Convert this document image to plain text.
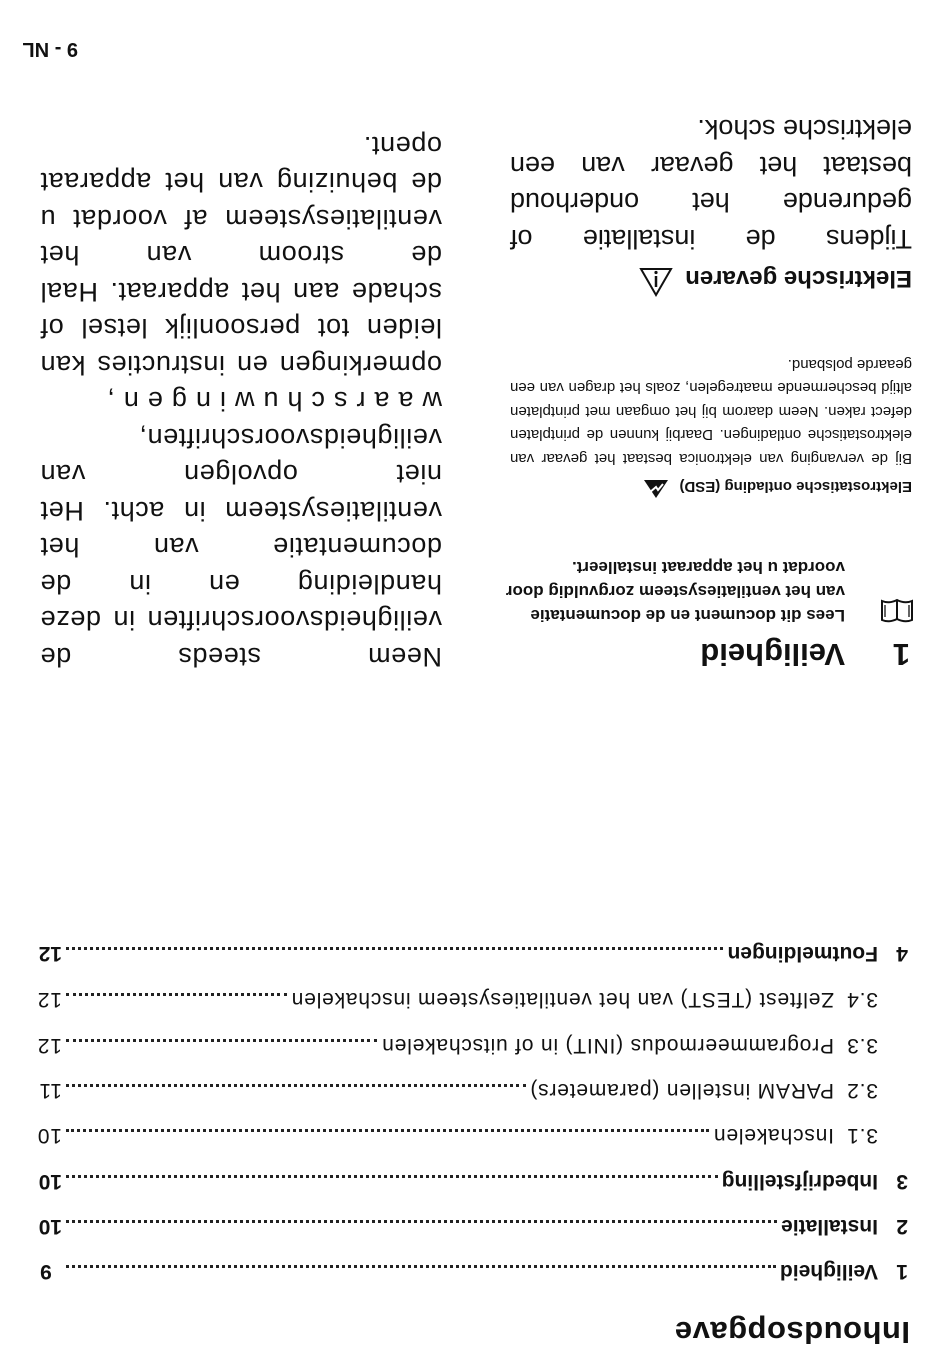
Inhoudsopgave
1
Veiligheid
9
2
Installatie
10
3
Inbedrijfstelling
10
3.1
Inschakelen
10
3.2
PARAM instellen (parameters)
11
3.3
Programmeermodus (INIT) in of uitschakelen
12
3.4
Zelftest (TEST) van het ventilatiesysteem inschakelen
12
4
Foutmeldingen
12
1
Veiligheid
Lees dit document en de documentatie van het ventilatiesysteem zorgvuldig door voordat u het apparaat installeert.
Elektrostatische ontlading (ESD)
Bij de vervanging van elektronica bestaat het gevaar van elektrostatische ontladingen. Daarbij kunnen de printplaten defect raken. Neem daarom bij het omgaan met printplaten altijd beschermende maatregelen, zoals het dragen van een geaarde polsband.
Elektrische gevaren
Tijdens de installatie of gedurende het onderhoud bestaat het gevaar van een elektrische schok.
Neem steeds de veiligheidsvoorschriften in deze handleiding en in de documentatie van het ventilatiesysteem in acht. Het niet opvolgen van veiligheidsvoorschriften, waarschuwingen, opmerkingen en instructies kan leiden tot persoonlijk letsel of schade aan het apparaat. Haal de stroom van het ventilatiesysteem af voordat u de behuizing van het apparaat opent.
9 - NL
